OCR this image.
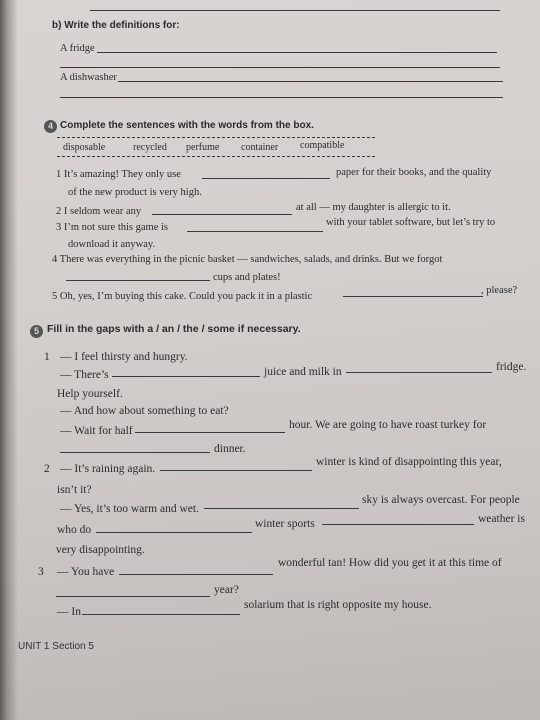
b) Write the definitions for:
A fridge
A dishwasher
4 Complete the sentences with the words from the box.
disposable	recycled perfume container compatible
1 It’s amazing! They only use	paper for their books, and the quality
of the new product is very high.
2 I seldom wear any	at all — my daughter is allergic to it.
3 I’m not sure this game is	with your tablet software, but let’s try to
download it anyway.
4 There was everything in the picnic basket — sandwiches, salads, and drinks. But we forgot
cups and plates!
5 Oh, yes, I’m buying this cake. Could you pack it in a plastic
, please?
5 Fill in the gaps with a / an / the / some if necessary.
1 — I feel thirsty and hungry.
— There’s	juice and milk in	fridge.
Help yourself.
— And how about something to eat?
— Wait for half	hour. We are going to have roast turkey for
dinner.
2 — It’s raining again.
winter is kind of disappointing this year,
isn’t it?
— Yes, it’s too warm and wet.
sky is always overcast. For people
who do	winter sports	weather is
very disappointing.
3 — You have
wonderful tan! How did you get it at this time of
year?
— In
solarium that is right opposite my house.
UNIT 1 Section 5
